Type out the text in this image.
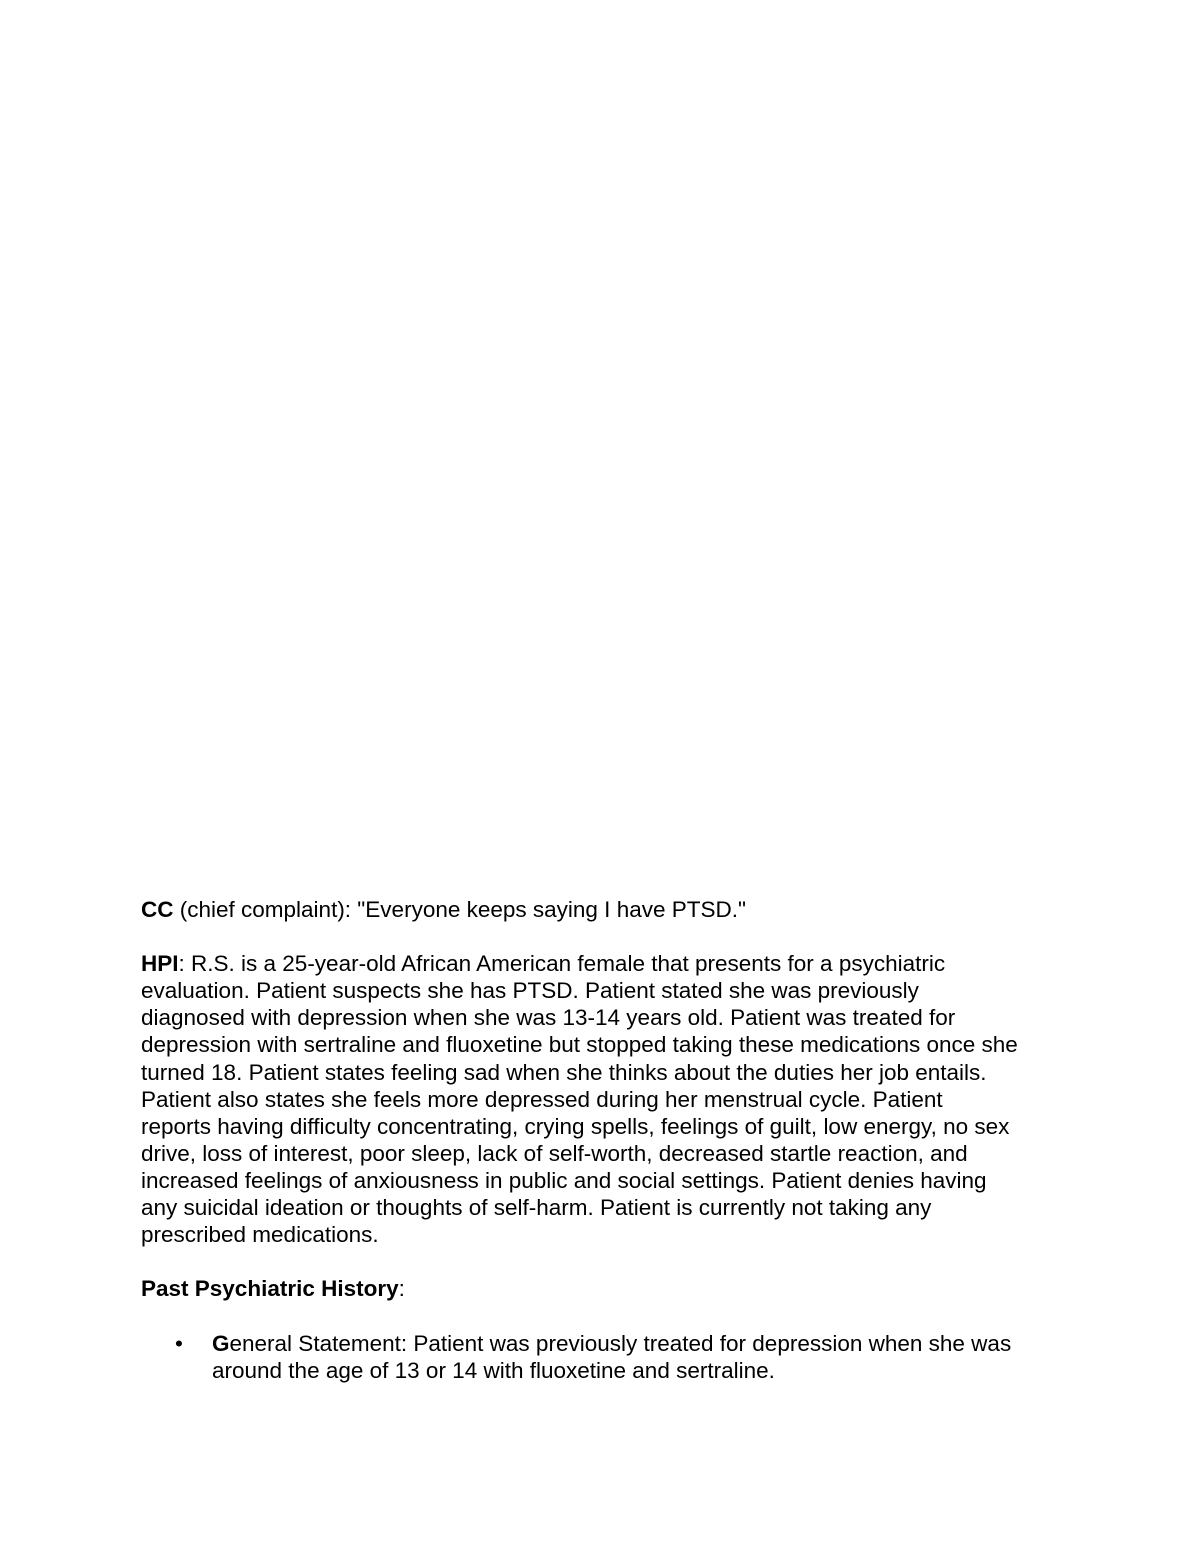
CC (chief complaint): "Everyone keeps saying I have PTSD."

HPI: R.S. is a 25-year-old African American female that presents for a psychiatric
evaluation. Patient suspects she has PTSD. Patient stated she was previously
diagnosed with depression when she was 13-14 years old. Patient was treated for
depression with sertraline and fluoxetine but stopped taking these medications once she
turned 18. Patient states feeling sad when she thinks about the duties her job entails.
Patient also states she feels more depressed during her menstrual cycle. Patient
reports having difficulty concentrating, crying spells, feelings of guilt, low energy, no sex
drive, loss of interest, poor sleep, lack of self-worth, decreased startle reaction, and
increased feelings of anxiousness in public and social settings. Patient denies having
any suicidal ideation or thoughts of self-harm. Patient is currently not taking any
prescribed medications.

Past Psychiatric History:

• General Statement: Patient was previously treated for depression when she was
around the age of 13 or 14 with fluoxetine and sertraline.
